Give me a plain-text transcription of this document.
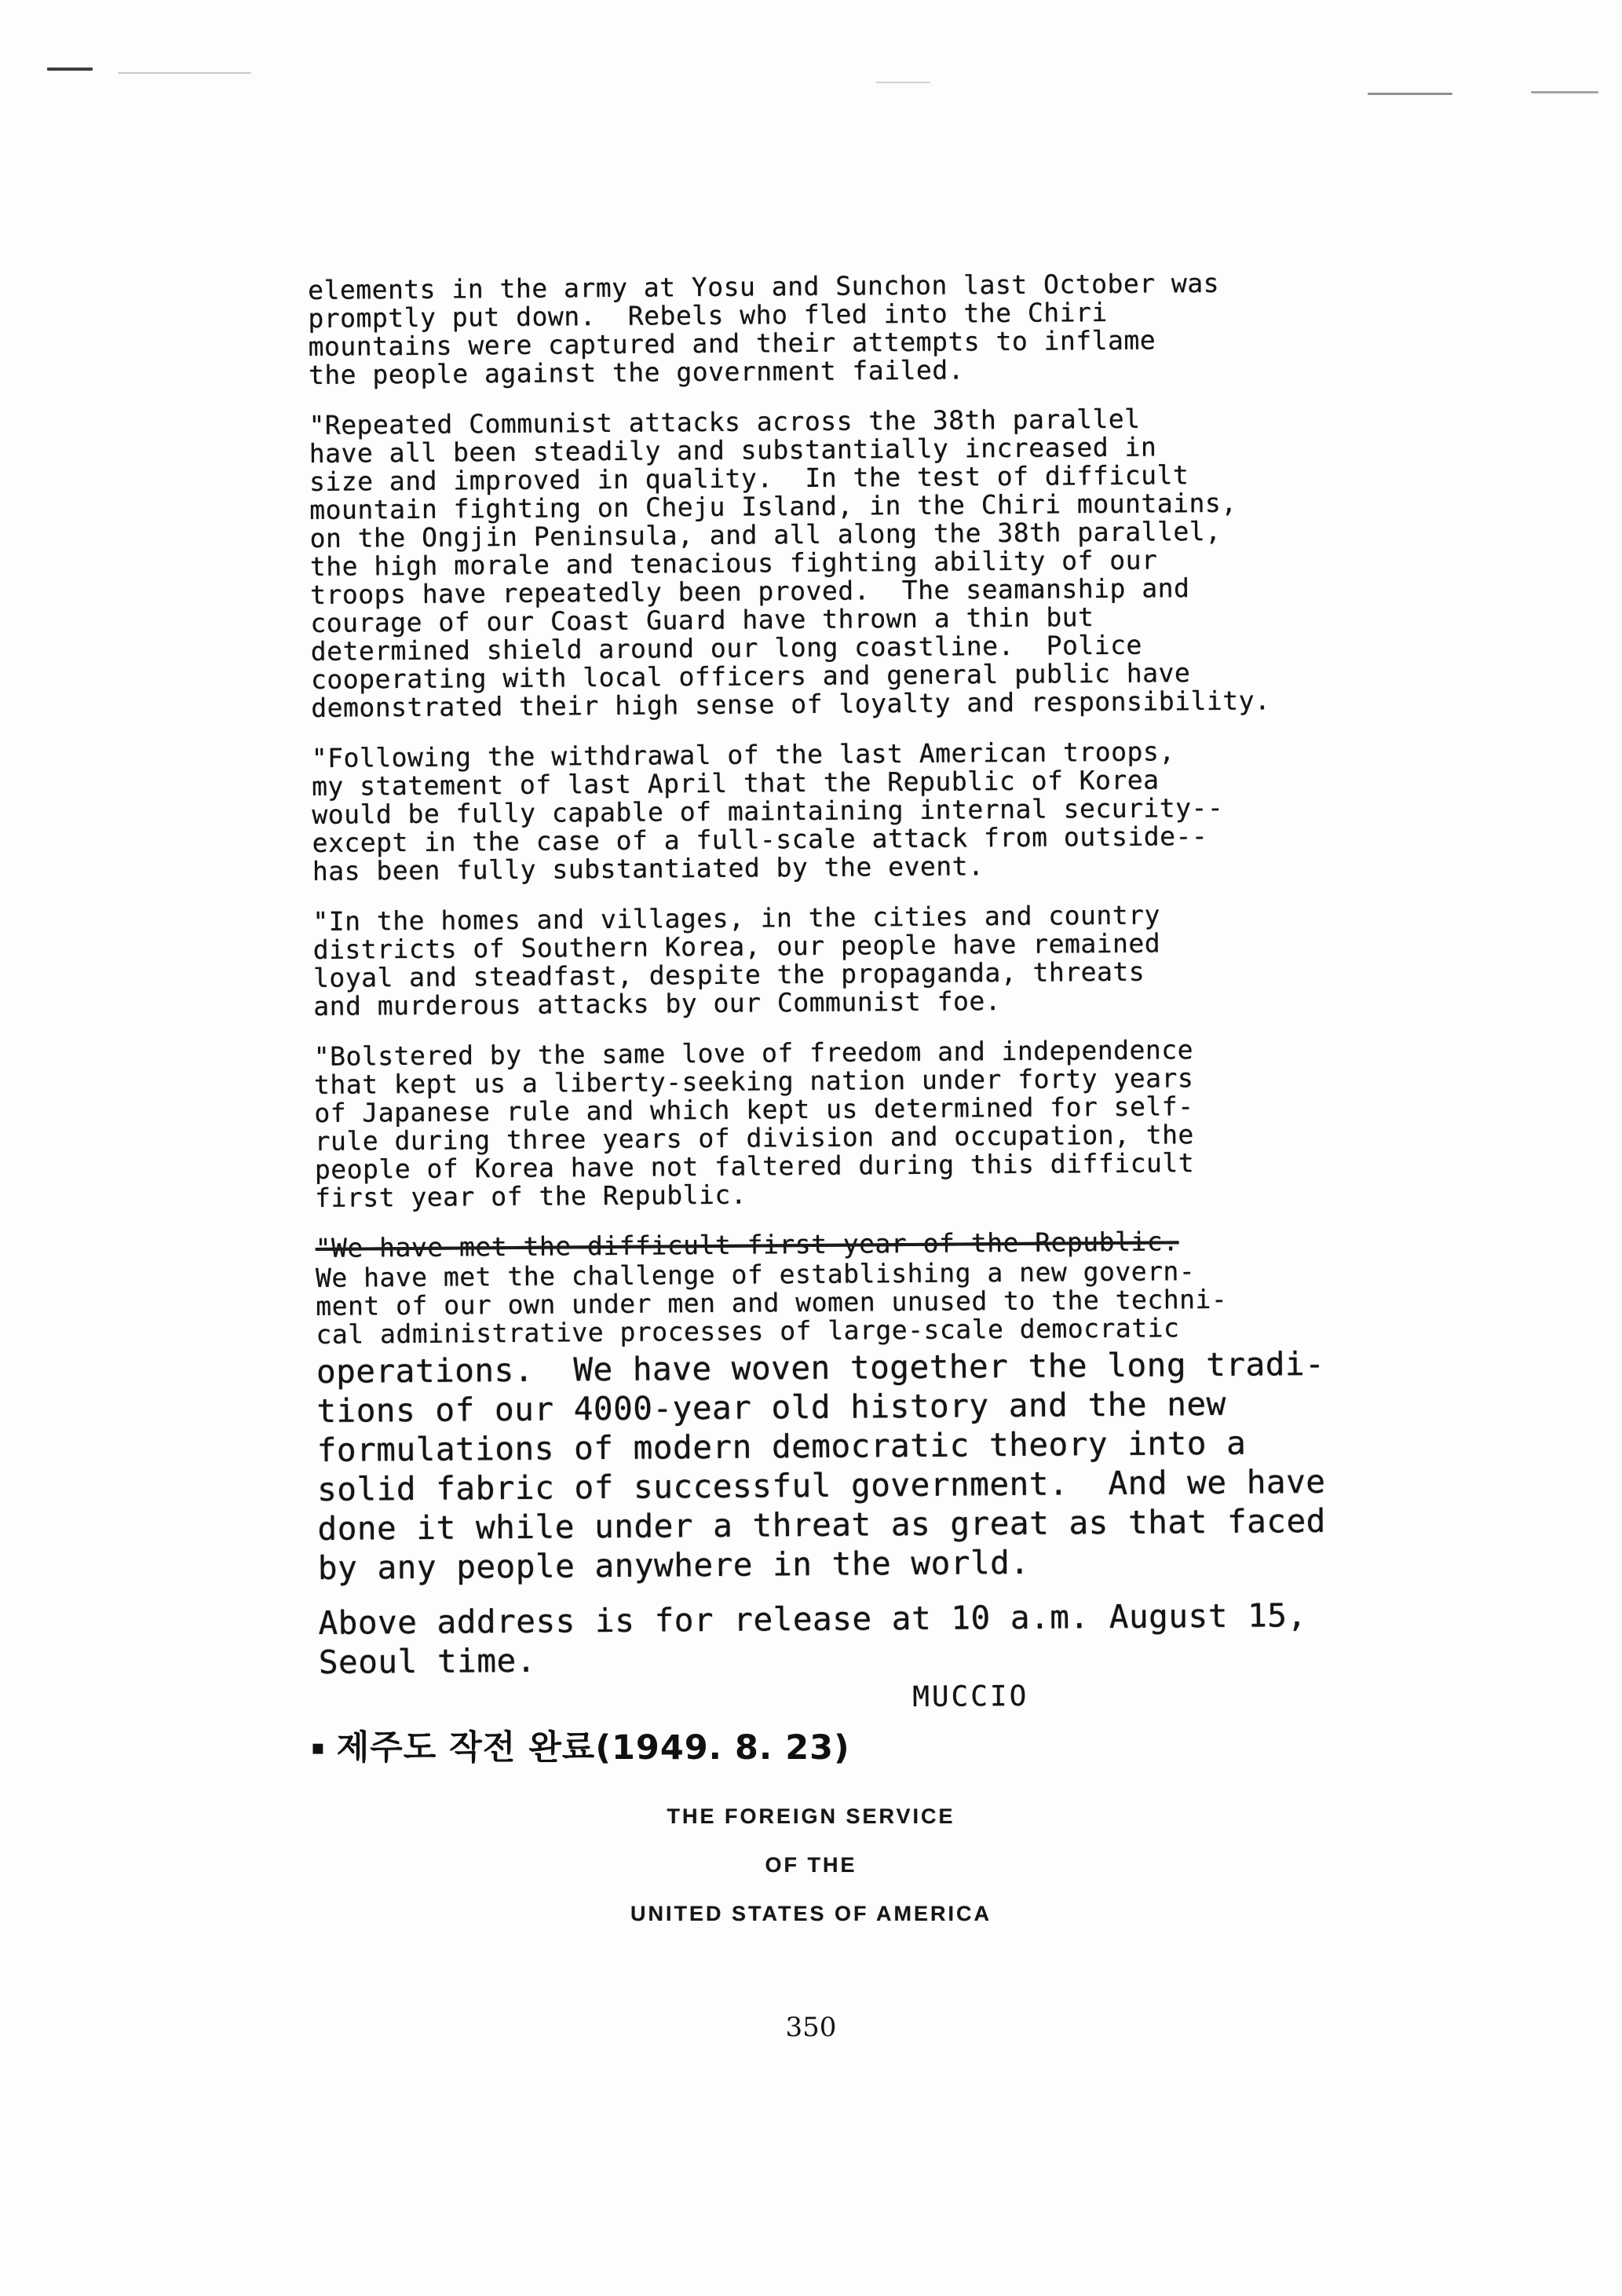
elements in the army at Yosu and Sunchon last October was
promptly put down.  Rebels who fled into the Chiri
mountains were captured and their attempts to inflame
the people against the government failed.

"Repeated Communist attacks across the 38th parallel
have all been steadily and substantially increased in
size and improved in quality.  In the test of difficult
mountain fighting on Cheju Island, in the Chiri mountains,
on the Ongjin Peninsula, and all along the 38th parallel,
the high morale and tenacious fighting ability of our
troops have repeatedly been proved.  The seamanship and
courage of our Coast Guard have thrown a thin but
determined shield around our long coastline.  Police
cooperating with local officers and general public have
demonstrated their high sense of loyalty and responsibility.

"Following the withdrawal of the last American troops,
my statement of last April that the Republic of Korea
would be fully capable of maintaining internal security--
except in the case of a full-scale attack from outside--
has been fully substantiated by the event.

"In the homes and villages, in the cities and country
districts of Southern Korea, our people have remained
loyal and steadfast, despite the propaganda, threats
and murderous attacks by our Communist foe.

"Bolstered by the same love of freedom and independence
that kept us a liberty-seeking nation under forty years
of Japanese rule and which kept us determined for self-
rule during three years of division and occupation, the
people of Korea have not faltered during this difficult
first year of the Republic.

"We have met the difficult first year of the Republic.

We have met the challenge of establishing a new govern-
ment of our own under men and women unused to the techni-
cal administrative processes of large-scale democratic

operations.  We have woven together the long tradi-
tions of our 4000-year old history and the new
formulations of modern democratic theory into a
solid fabric of successful government.  And we have
done it while under a threat as great as that faced
by any people anywhere in the world.

Above address is for release at 10 a.m. August 15,
Seoul time.

MUCCIO

▪ 제주도 작전 완료(1949. 8. 23)
THE FOREIGN SERVICE
OF THE
UNITED STATES OF AMERICA
350
